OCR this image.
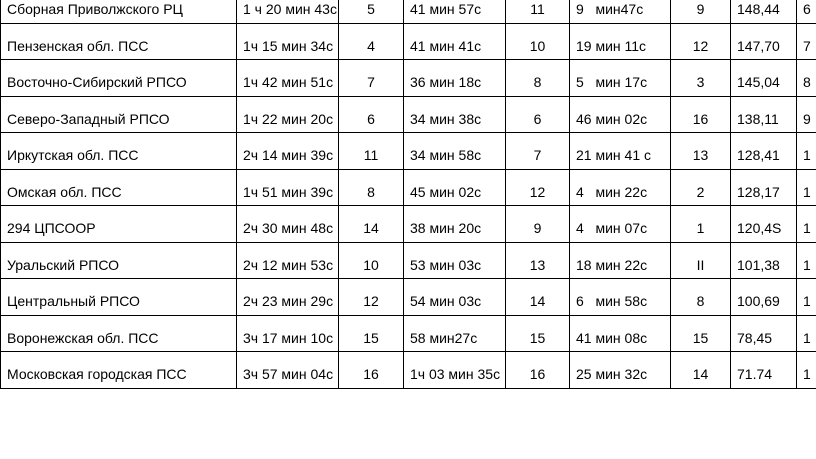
Сборная Приволжского РЦ	1 ч 20 мин 43с	5	41 мин 57с	11	9   мин47с	9	148,44	6
Пензенская обл. ПСС	1ч 15 мин 34с	4	41 мин 41с	10	19 мин 11с	12	147,70	7
Восточно-Сибирский РПСО	1ч 42 мин 51с	7	36 мин 18с	8	5   мин 17с	3	145,04	8
Северо-Западный РПСО	1ч 22 мин 20с	6	34 мин 38с	6	46 мин 02с	16	138,11	9
Иркутская обл. ПСС	2ч 14 мин 39с	11	34 мин 58с	7	21 мин 41 с	13	128,41	1
Омская обл. ПСС	1ч 51 мин 39с	8	45 мин 02с	12	4   мин 22с	2	128,17	1
294 ЦПСООР	2ч 30 мин 48с	14	38 мин 20с	9	4   мин 07с	1	120,4S	1
Уральский РПСО	2ч 12 мин 53с	10	53 мин 03с	13	18 мин 22с	II	101,38	1
Центральный РПСО	2ч 23 мин 29с	12	54 мин 03с	14	6   мин 58с	8	100,69	1
Воронежская обл. ПСС	3ч 17 мин 10с	15	58 мин27с	15	41 мин 08с	15	78,45	1
Московская городская ПСС	3ч 57 мин 04с	16	1ч 03 мин 35с	16	25 мин 32с	14	71.74	1
